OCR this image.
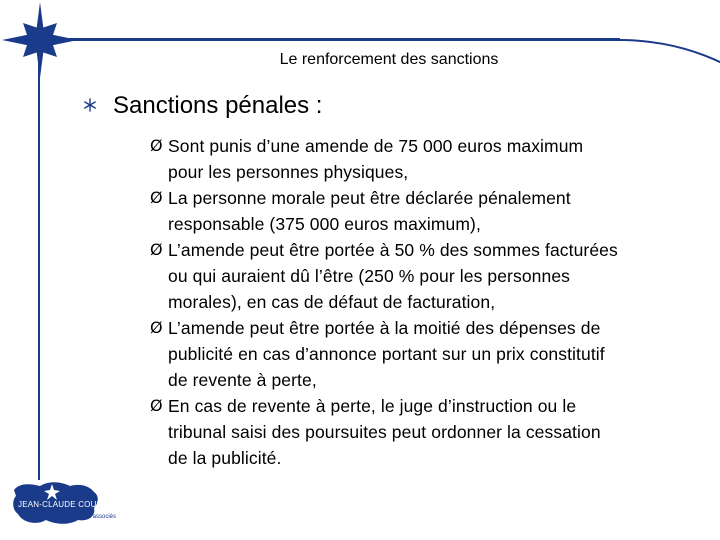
Le renforcement des sanctions
Sanctions pénales :
Ø Sont punis d’une amende de 75 000 euros maximum
pour les personnes physiques,
Ø La personne morale peut être déclarée pénalement
responsable (375 000 euros maximum),
Ø L’amende peut être portée à 50 % des sommes facturées
ou qui auraient dû l’être (250 % pour les personnes
morales), en cas de défaut de facturation,
Ø L’amende peut être portée à la moitié des dépenses de
publicité en cas d’annonce portant sur un prix constitutif
de revente à perte,
Ø En cas de revente à perte, le juge d’instruction ou le
tribunal saisi des poursuites peut ordonner la cessation
de la publicité.
JEAN-CLAUDE COULON
et associés
